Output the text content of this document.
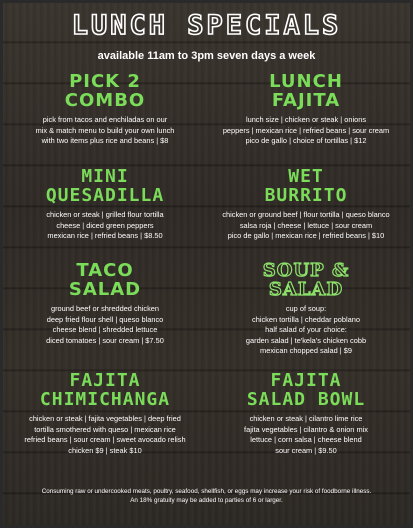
LUNCH SPECIALS
available 11am to 3pm seven days a week
PICK 2
COMBO
pick from tacos and enchiladas on our
mix & match menu to build your own lunch
with two items plus rice and beans | $8
LUNCH
FAJITA
lunch size | chicken or steak | onions
peppers | mexican rice | refried beans | sour cream
pico de gallo | choice of tortillas | $12
MINI
QUESADILLA
chicken or steak | grilled flour tortilla
cheese | diced green peppers
mexican rice | refried beans | $8.50
WET
BURRITO
chicken or ground beef | flour tortilla | queso blanco
salsa roja | cheese | lettuce | sour cream
pico de gallo | mexican rice | refried beans | $10
TACO
SALAD
ground beef or shredded chicken
deep fried flour shell | queso blanco
cheese blend | shredded lettuce
diced tomatoes | sour cream | $7.50
SOUP &
SALAD
cup of soup:
chicken tortilla | cheddar poblano
half salad of your choice:
garden salad | te'kela's chicken cobb
mexican chopped salad | $9
FAJITA
CHIMICHANGA
chicken or steak | fajita vegetables | deep fried
tortilla smothered with queso | mexican rice
refried beans | sour cream | sweet avocado relish
chicken $9 | steak $10
FAJITA
SALAD BOWL
chicken or steak | cilantro lime rice
fajita vegetables | cilantro & onion mix
lettuce | corn salsa | cheese blend
sour cream | $9.50
Consuming raw or undercooked meats, poultry, seafood, shellfish, or eggs may increase your risk of foodborne illness.
An 18% gratuity may be added to parties of 6 or larger.
